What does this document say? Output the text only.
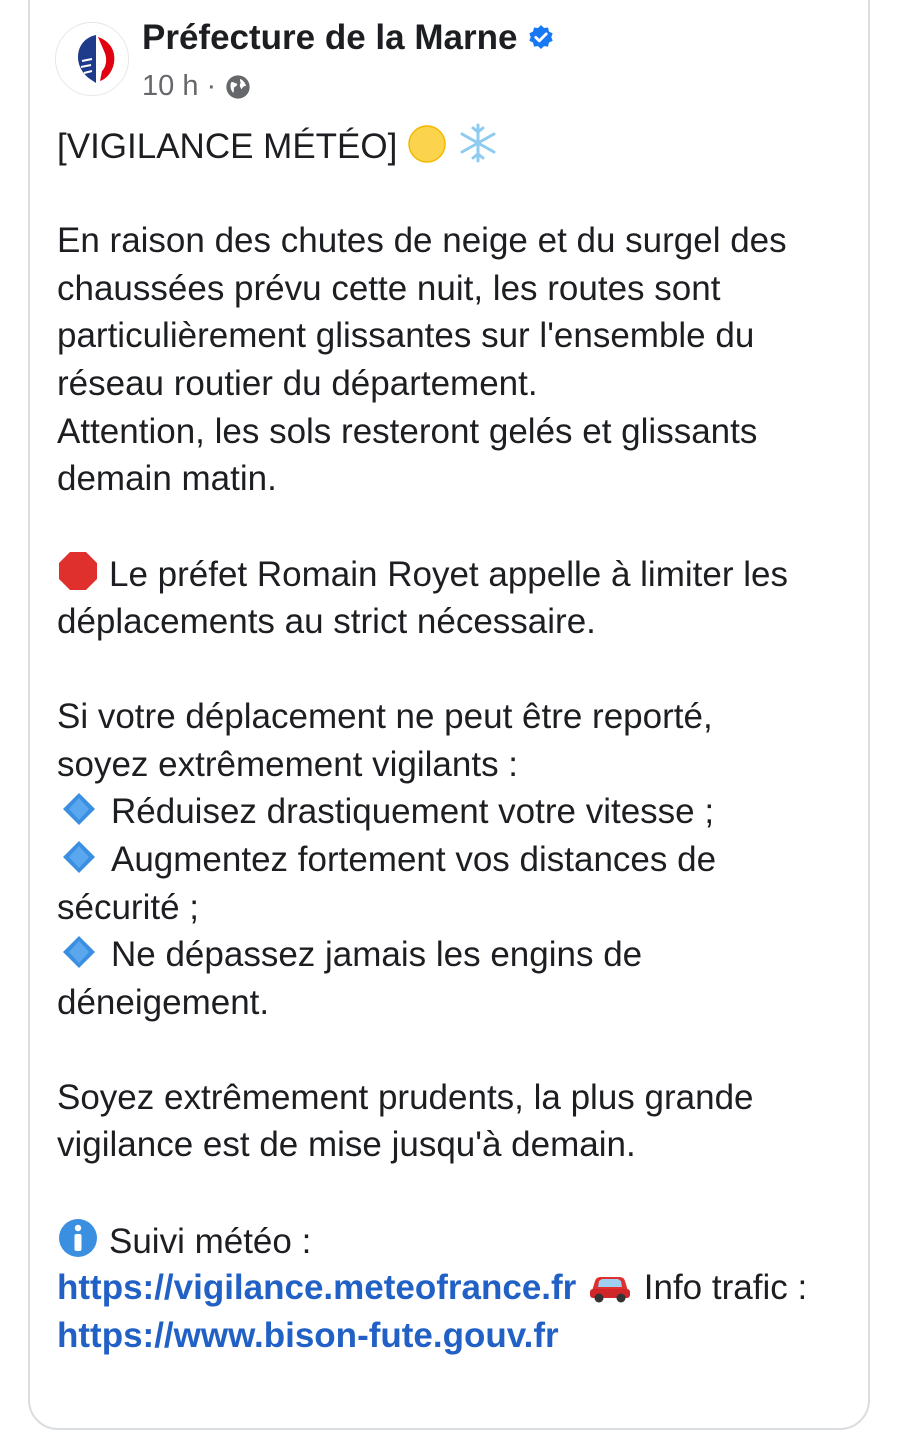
Préfecture de la Marne
10 h ·
[VIGILANCE MÉTÉO]
En raison des chutes de neige et du surgel des
chaussées prévu cette nuit, les routes sont
particulièrement glissantes sur l'ensemble du
réseau routier du département.
Attention, les sols resteront gelés et glissants
demain matin.
Le préfet Romain Royet appelle à limiter les
déplacements au strict nécessaire.
Si votre déplacement ne peut être reporté,
soyez extrêmement vigilants :
Réduisez drastiquement votre vitesse ;
Augmentez fortement vos distances de
sécurité ;
Ne dépassez jamais les engins de
déneigement.
Soyez extrêmement prudents, la plus grande
vigilance est de mise jusqu'à demain.
Suivi météo :
https://vigilance.meteofrance.fr Info trafic :
https://www.bison-fute.gouv.fr
